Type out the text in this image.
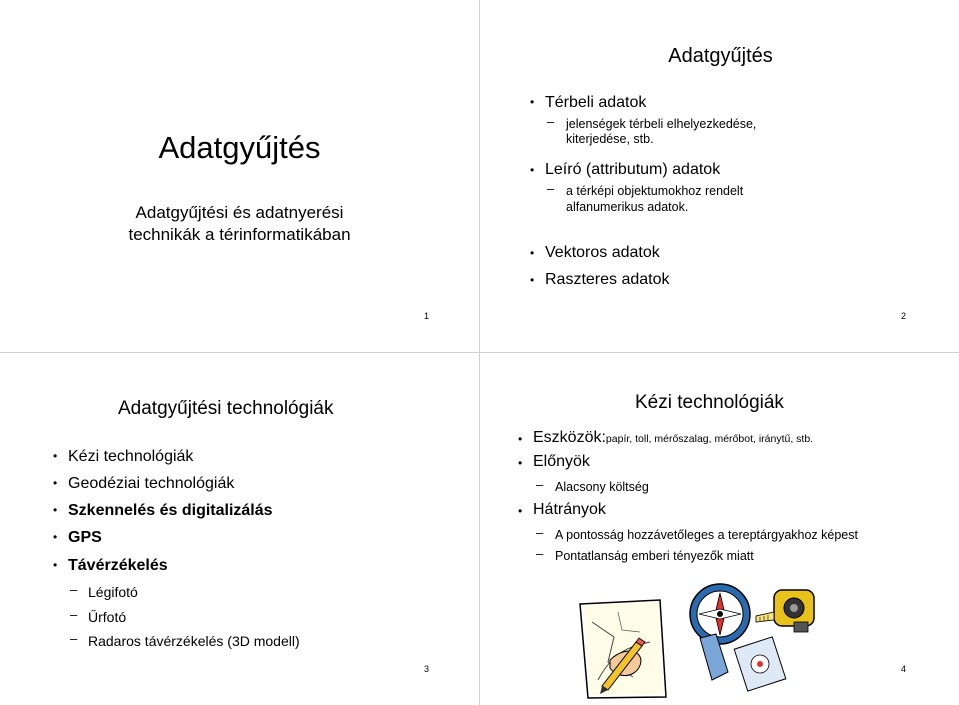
Adatgyűjtés
Adatgyűjtési és adatnyerési
technikák a térinformatikában
1
Adatgyűjtés
• Térbeli adatok
– jelenségek térbeli elhelyezkedése,
kiterjedése, stb.
• Leíró (attributum) adatok
– a térképi objektumokhoz rendelt
alfanumerikus adatok.
• Vektoros adatok
• Raszteres adatok
2
Adatgyűjtési technológiák
• Kézi technológiák
• Geodéziai technológiák
• Szkennelés és digitalizálás
• GPS
• Távérzékelés
– Légifotó
– Űrfotó
– Radaros távérzékelés (3D modell)
3
Kézi technológiák
• Eszközök:papír, toll, mérőszalag, mérőbot, iránytű, stb.
• Előnyök
– Alacsony költség
• Hátrányok
– A pontosság hozzávetőleges a tereptárgyakhoz képest
– Pontatlanság emberi tényezők miatt
4
